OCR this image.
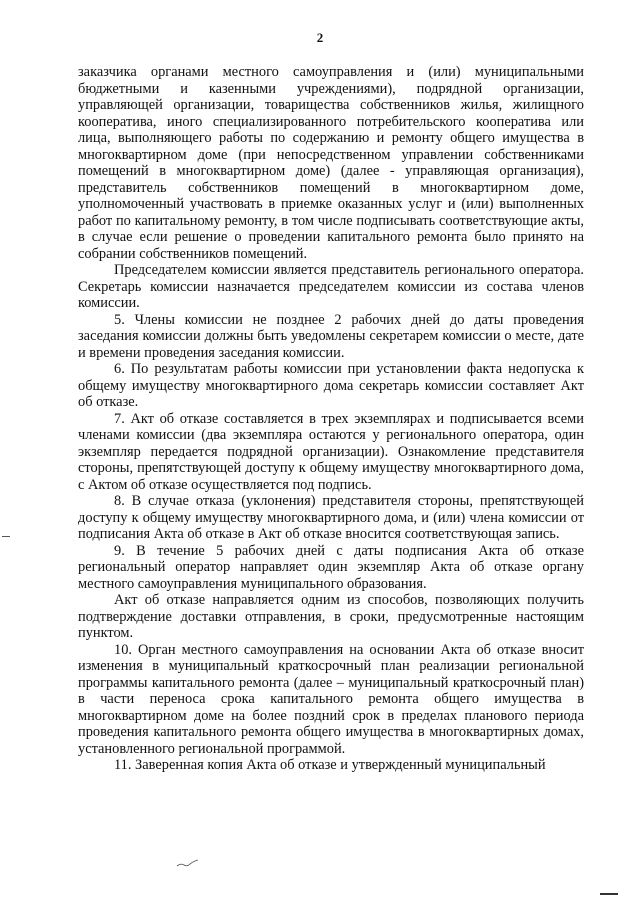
2

заказчика органами местного самоуправления и (или) муниципальными бюджетными и казенными учреждениями), подрядной организации, управляющей организации, товарищества собственников жилья, жилищного кооператива, иного специализированного потребительского кооператива или лица, выполняющего работы по содержанию и ремонту общего имущества в многоквартирном доме (при непосредственном управлении собственниками помещений в многоквартирном доме) (далее - управляющая организация), представитель собственников помещений в многоквартирном доме, уполномоченный участвовать в приемке оказанных услуг и (или) выполненных работ по капитальному ремонту, в том числе подписывать соответствующие акты, в случае если решение о проведении капитального ремонта было принято на собрании собственников помещений.

Председателем комиссии является представитель регионального оператора. Секретарь комиссии назначается председателем комиссии из состава членов комиссии.

5. Члены комиссии не позднее 2 рабочих дней до даты проведения заседания комиссии должны быть уведомлены секретарем комиссии о месте, дате и времени проведения заседания комиссии.

6. По результатам работы комиссии при установлении факта недопуска к общему имуществу многоквартирного дома секретарь комиссии составляет Акт об отказе.

7. Акт об отказе составляется в трех экземплярах и подписывается всеми членами комиссии (два экземпляра остаются у регионального оператора, один экземпляр передается подрядной организации). Ознакомление представителя стороны, препятствующей доступу к общему имуществу многоквартирного дома, с Актом об отказе осуществляется под подпись.

8. В случае отказа (уклонения) представителя стороны, препятствующей доступу к общему имуществу многоквартирного дома, и (или) члена комиссии от подписания Акта об отказе в Акт об отказе вносится соответствующая запись.

9. В течение 5 рабочих дней с даты подписания Акта об отказе региональный оператор направляет один экземпляр Акта об отказе органу местного самоуправления муниципального образования.

Акт об отказе направляется одним из способов, позволяющих получить подтверждение доставки отправления, в сроки, предусмотренные настоящим пунктом.

10. Орган местного самоуправления на основании Акта об отказе вносит изменения в муниципальный краткосрочный план реализации региональной программы капитального ремонта (далее – муниципальный краткосрочный план) в части переноса срока капитального ремонта общего имущества в многоквартирном доме на более поздний срок в пределах планового периода проведения капитального ремонта общего имущества в многоквартирных домах, установленного региональной программой.

11. Заверенная копия Акта об отказе и утвержденный муниципальный
